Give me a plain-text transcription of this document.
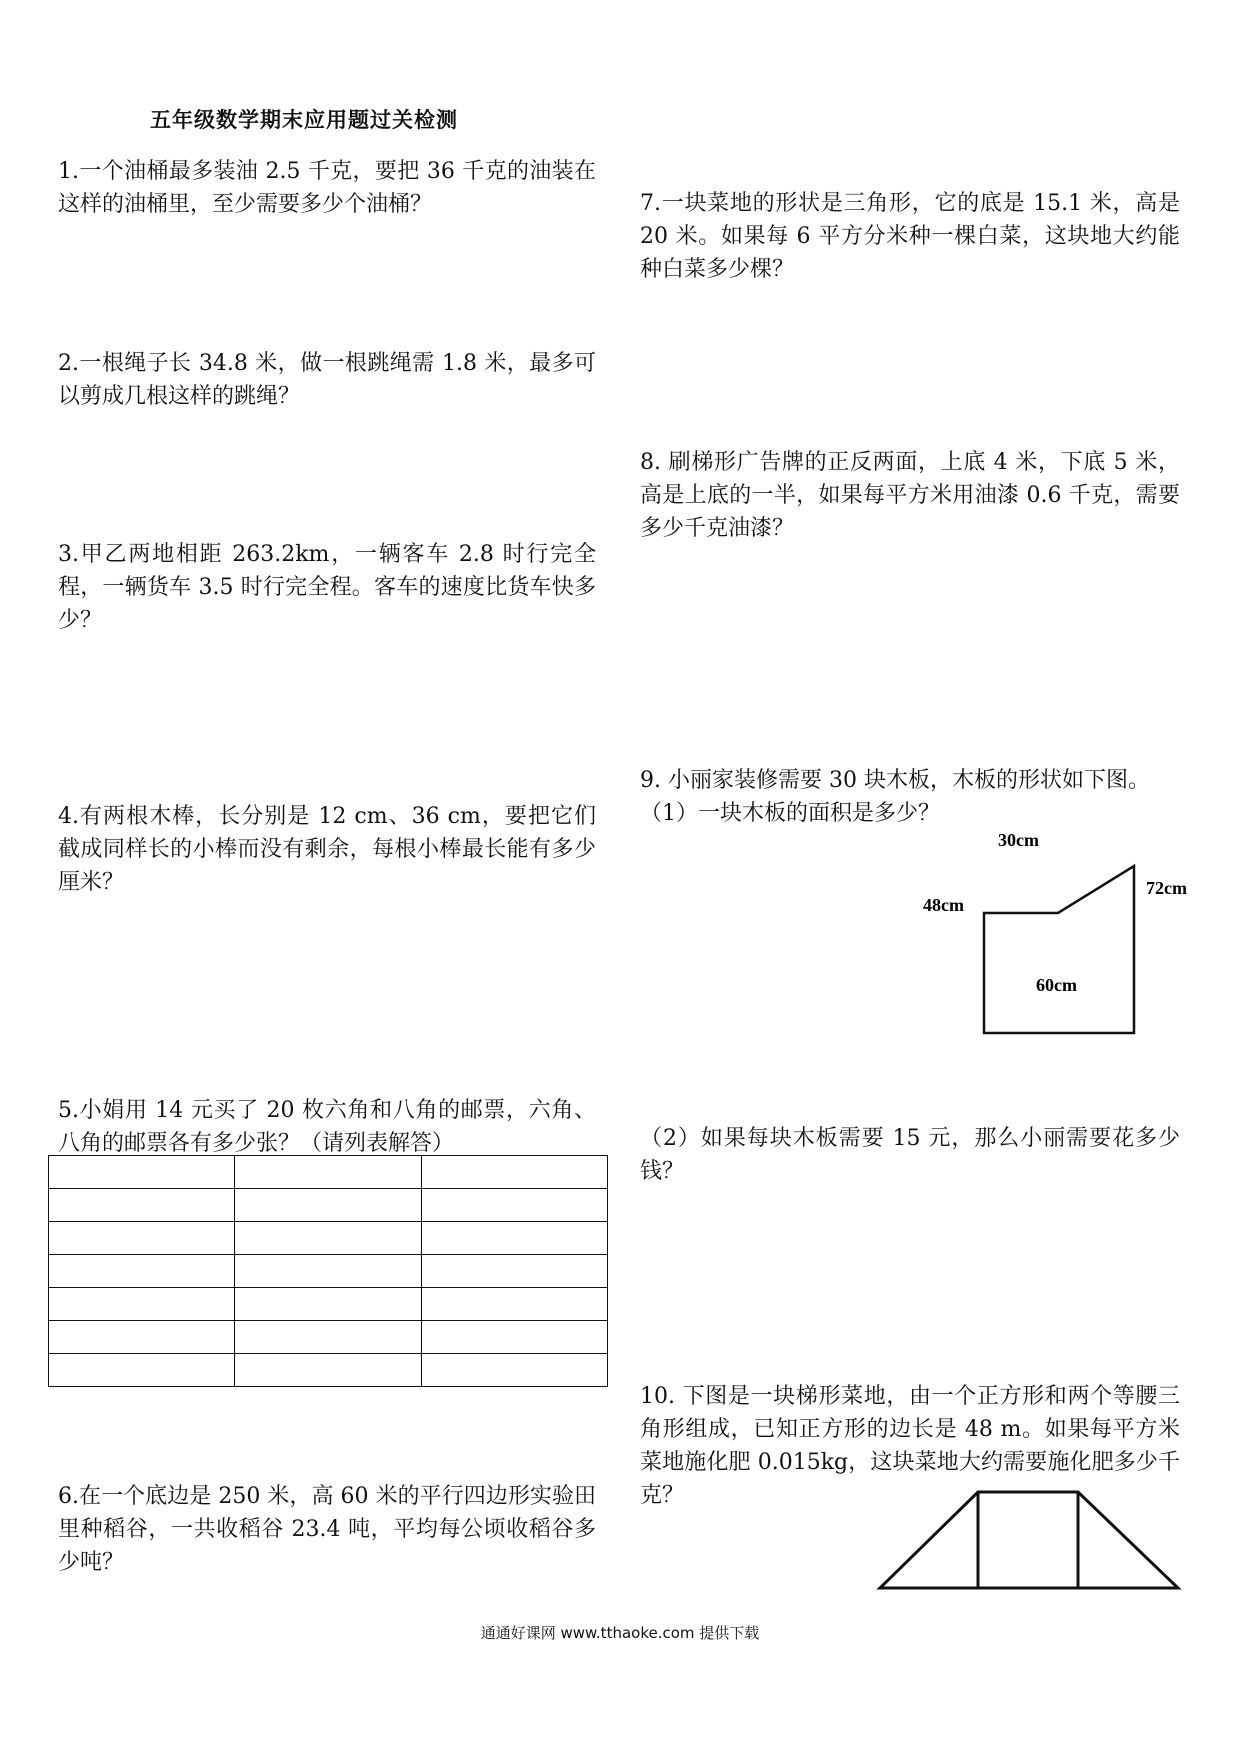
五年级数学期末应用题过关检测

1.一个油桶最多装油 2.5 千克，要把 36 千克的油装在这样的油桶里，至少需要多少个油桶？

2.一根绳子长 34.8 米，做一根跳绳需 1.8 米，最多可以剪成几根这样的跳绳？

3.甲乙两地相距 263.2km，一辆客车 2.8 时行完全程，一辆货车 3.5 时行完全程。客车的速度比货车快多少？

4.有两根木棒，长分别是 12 cm、36 cm，要把它们截成同样长的小棒而没有剩余，每根小棒最长能有多少厘米？

5.小娟用 14 元买了 20 枚六角和八角的邮票，六角、八角的邮票各有多少张？（请列表解答）

6.在一个底边是 250 米，高 60 米的平行四边形实验田里种稻谷，一共收稻谷 23.4 吨，平均每公顷收稻谷多少吨？

7.一块菜地的形状是三角形，它的底是 15.1 米，高是 20 米。如果每 6 平方分米种一棵白菜，这块地大约能种白菜多少棵？

8. 刷梯形广告牌的正反两面，上底 4 米，下底 5 米，高是上底的一半，如果每平方米用油漆 0.6 千克，需要多少千克油漆？

9. 小丽家装修需要 30 块木板，木板的形状如下图。
（1）一块木板的面积是多少？
30cm
48cm
72cm
60cm

（2）如果每块木板需要 15 元，那么小丽需要花多少钱？

10. 下图是一块梯形菜地，由一个正方形和两个等腰三角形组成，已知正方形的边长是 48 m。如果每平方米菜地施化肥 0.015kg，这块菜地大约需要施化肥多少千克？

通通好课网 www.tthaoke.com 提供下载
